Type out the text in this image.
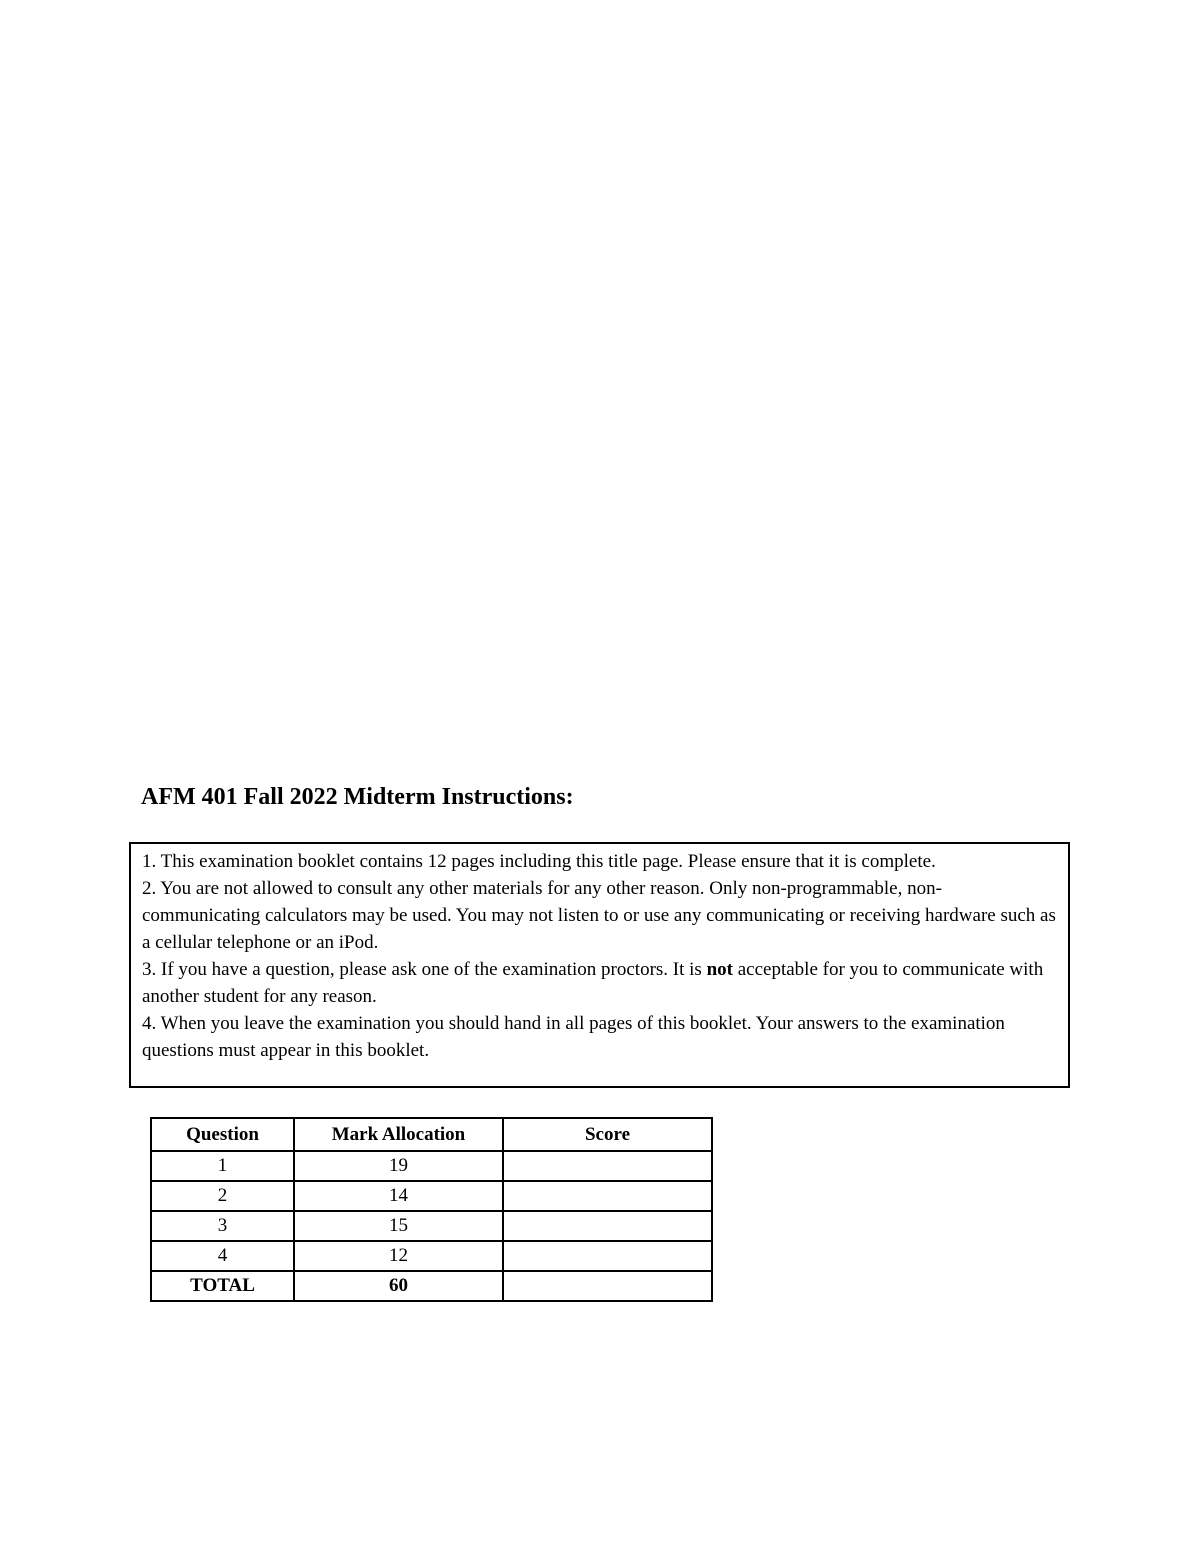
AFM 401 Fall 2022 Midterm Instructions:

1. This examination booklet contains 12 pages including this title page. Please ensure that it is complete.

2. You are not allowed to consult any other materials for any other reason. Only non-programmable, non-communicating calculators may be used. You may not listen to or use any communicating or receiving hardware such as a cellular telephone or an iPod.

3. If you have a question, please ask one of the examination proctors. It is not acceptable for you to communicate with another student for any reason.

4. When you leave the examination you should hand in all pages of this booklet. Your answers to the examination questions must appear in this booklet.

Question	Mark Allocation	Score
1	19	
2	14	
3	15	
4	12	
TOTAL	60	
